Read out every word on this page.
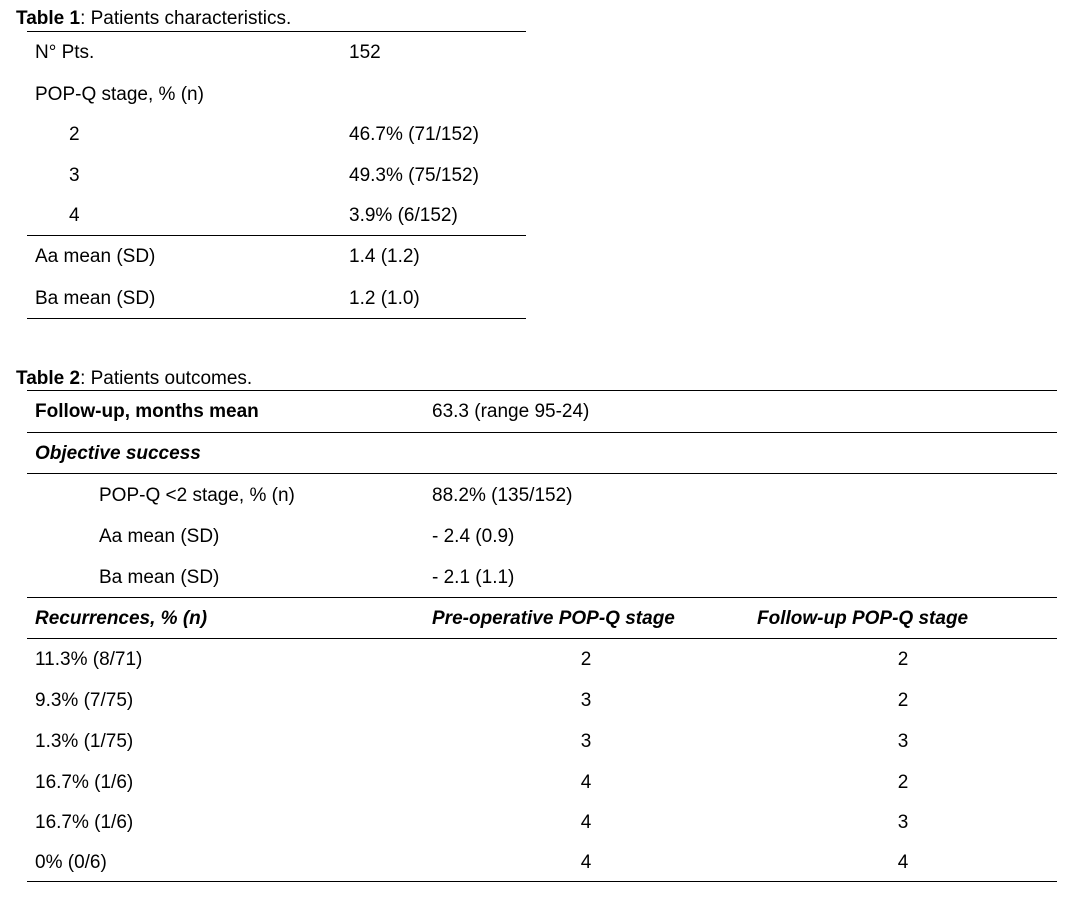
Table 1: Patients characteristics.
N° Pts.	152
POP-Q stage, % (n)
2	46.7% (71/152)
3	49.3% (75/152)
4	3.9% (6/152)
Aa mean (SD)	1.4 (1.2)
Ba mean (SD)	1.2 (1.0)
Table 2: Patients outcomes.
Follow-up, months mean	63.3 (range 95-24)
Objective success
POP-Q <2 stage, % (n)	88.2% (135/152)
Aa mean (SD)	- 2.4 (0.9)
Ba mean (SD)	- 2.1 (1.1)
Recurrences, % (n)	Pre-operative POP-Q stage	Follow-up POP-Q stage
11.3% (8/71)	2	2
9.3% (7/75)	3	2
1.3% (1/75)	3	3
16.7% (1/6)	4	2
16.7% (1/6)	4	3
0% (0/6)	4	4
